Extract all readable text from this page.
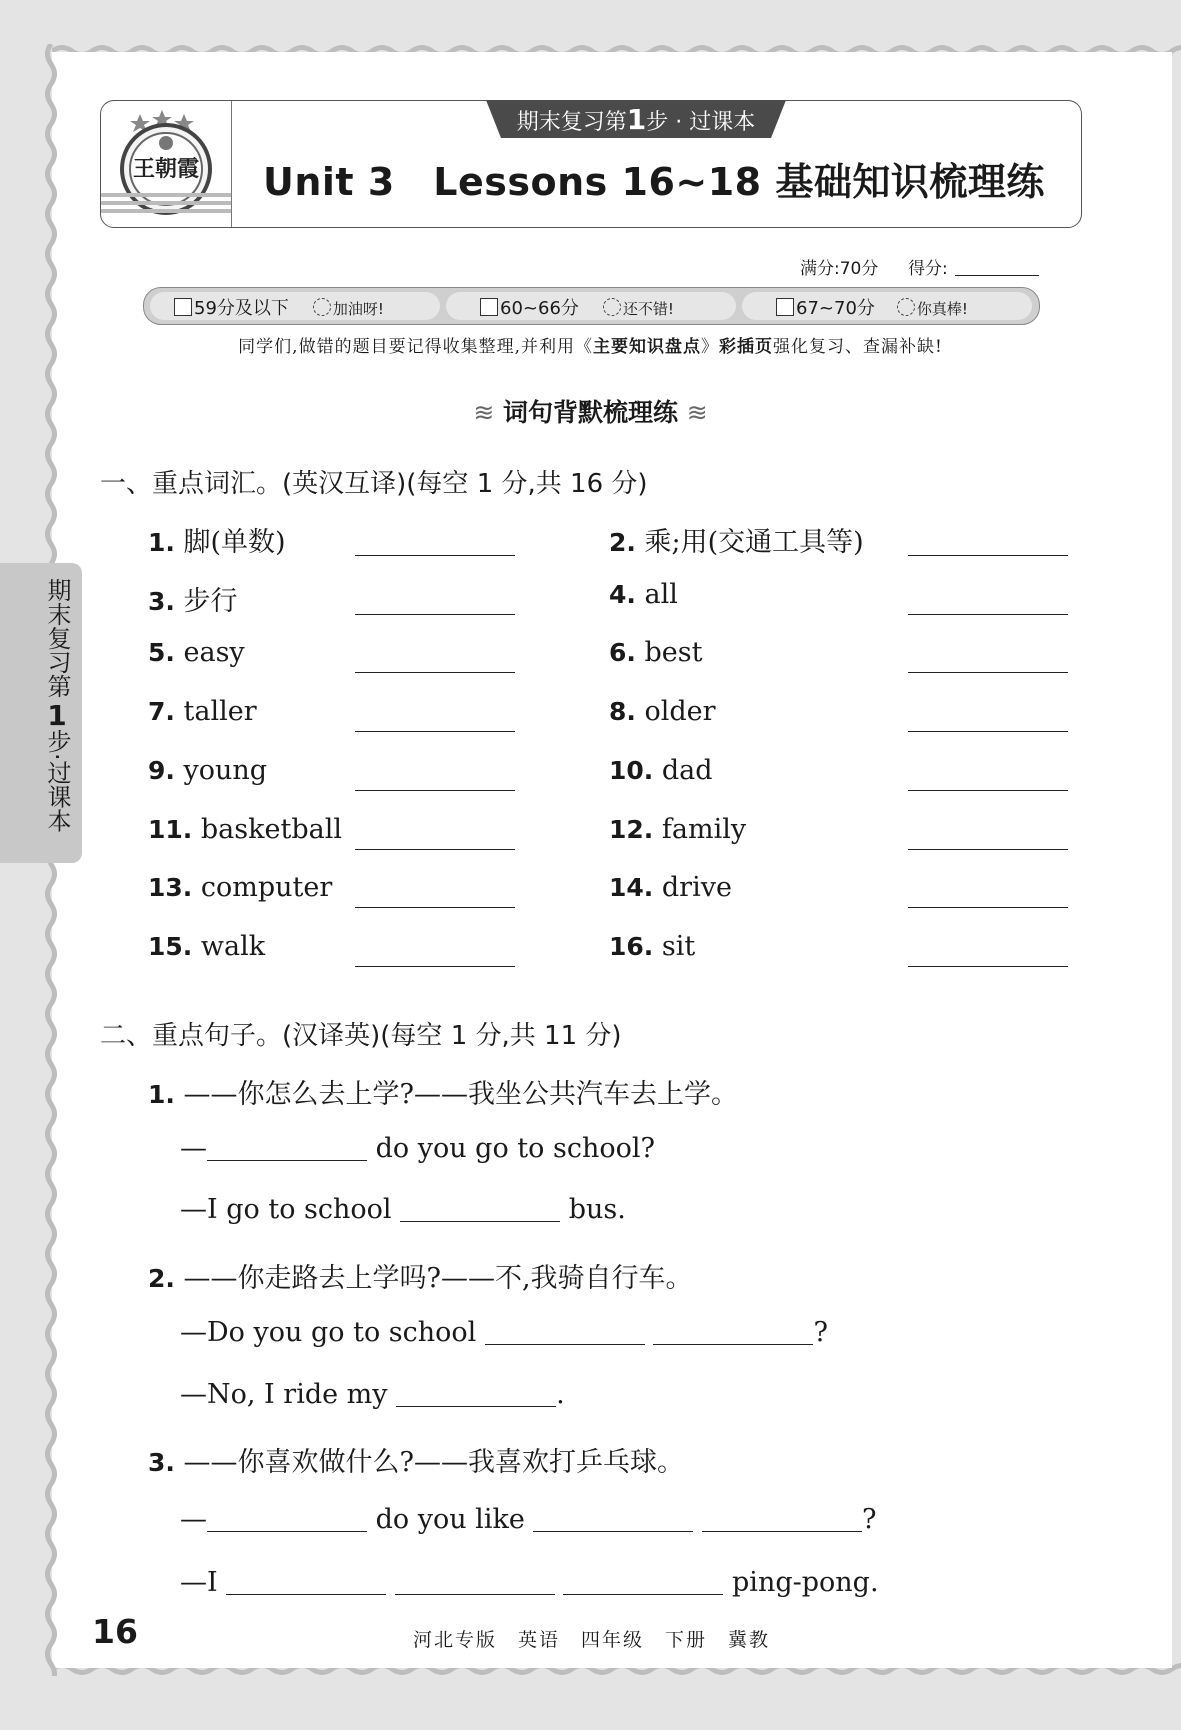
王朝霞
期末复习第1步 · 过课本
Unit 3　Lessons 16~18 基础知识梳理练
满分:70分 得分:
59分及以下	加油呀!	60~66分	还不错!	67~70分	你真棒!
同学们,做错的题目要记得收集整理,并利用《主要知识盘点》彩插页强化复习、查漏补缺!
≋ 词句背默梳理练 ≋
一、重点词汇。(英汉互译)(每空 1 分,共 16 分)
1. 脚(单数)	2. 乘;用(交通工具等)
3. 步行	4. all
5. easy	6. best
7. taller	8. older
9. young	10. dad
11. basketball	12. family
13. computer	14. drive
15. walk	16. sit
二、重点句子。(汉译英)(每空 1 分,共 11 分)
1. ——你怎么去上学?——我坐公共汽车去上学。
—	do you go to school?
—I go to school	bus.
2. ——你走路去上学吗?——不,我骑自行车。
—Do you go to school	?
—No, I ride my	.
3. ——你喜欢做什么?——我喜欢打乒乓球。
—	do you like	?
—I	ping-pong.
期末复习第
1
步·过课本
16	河北专版　英语　四年级　下册　冀教
